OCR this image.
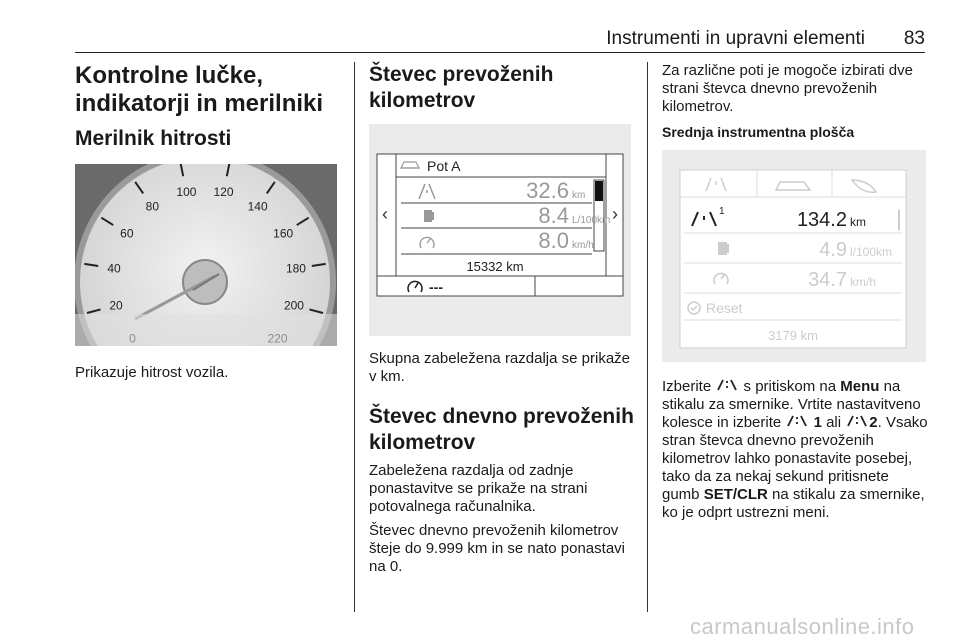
Instrumenti in upravni elementi 83
Kontrolne lučke, indikatorji in merilniki
Merilnik hitrosti
20
40
60
80
100 120
140
160
180
200

Prikazuje hitrost vozila.

Števec prevoženih kilometrov
‹	›
Pot A
32.6 km
8.4 L/100km
8.0 km/h
15332 km
---

Skupna zabeležena razdalja se prikaže v km.

Števec dnevno prevoženih kilometrov

Zabeležena razdalja od zadnje ponastavitve se prikaže na strani potovalnega računalnika.

Števec dnevno prevoženih kilometrov šteje do 9.999 km in se nato ponastavi na 0.

Za različne poti je mogoče izbirati dve strani števca dnevno prevoženih kilometrov.

Srednja instrumentna plošča
1	134.2 km
4.9 l/100km
34.7 km/h
Reset
3179 km

Izberite  s pritiskom na Menu na stikalu za smernike. Vrtite nastavitveno kolesce in izberite  1 ali 2. Vsako stran števca dnevno prevoženih kilometrov lahko ponastavite posebej, tako da za nekaj sekund pritisnete gumb SET/CLR na stikalu za smernike, ko je odprt ustrezni meni.

carmanualsonline.info
